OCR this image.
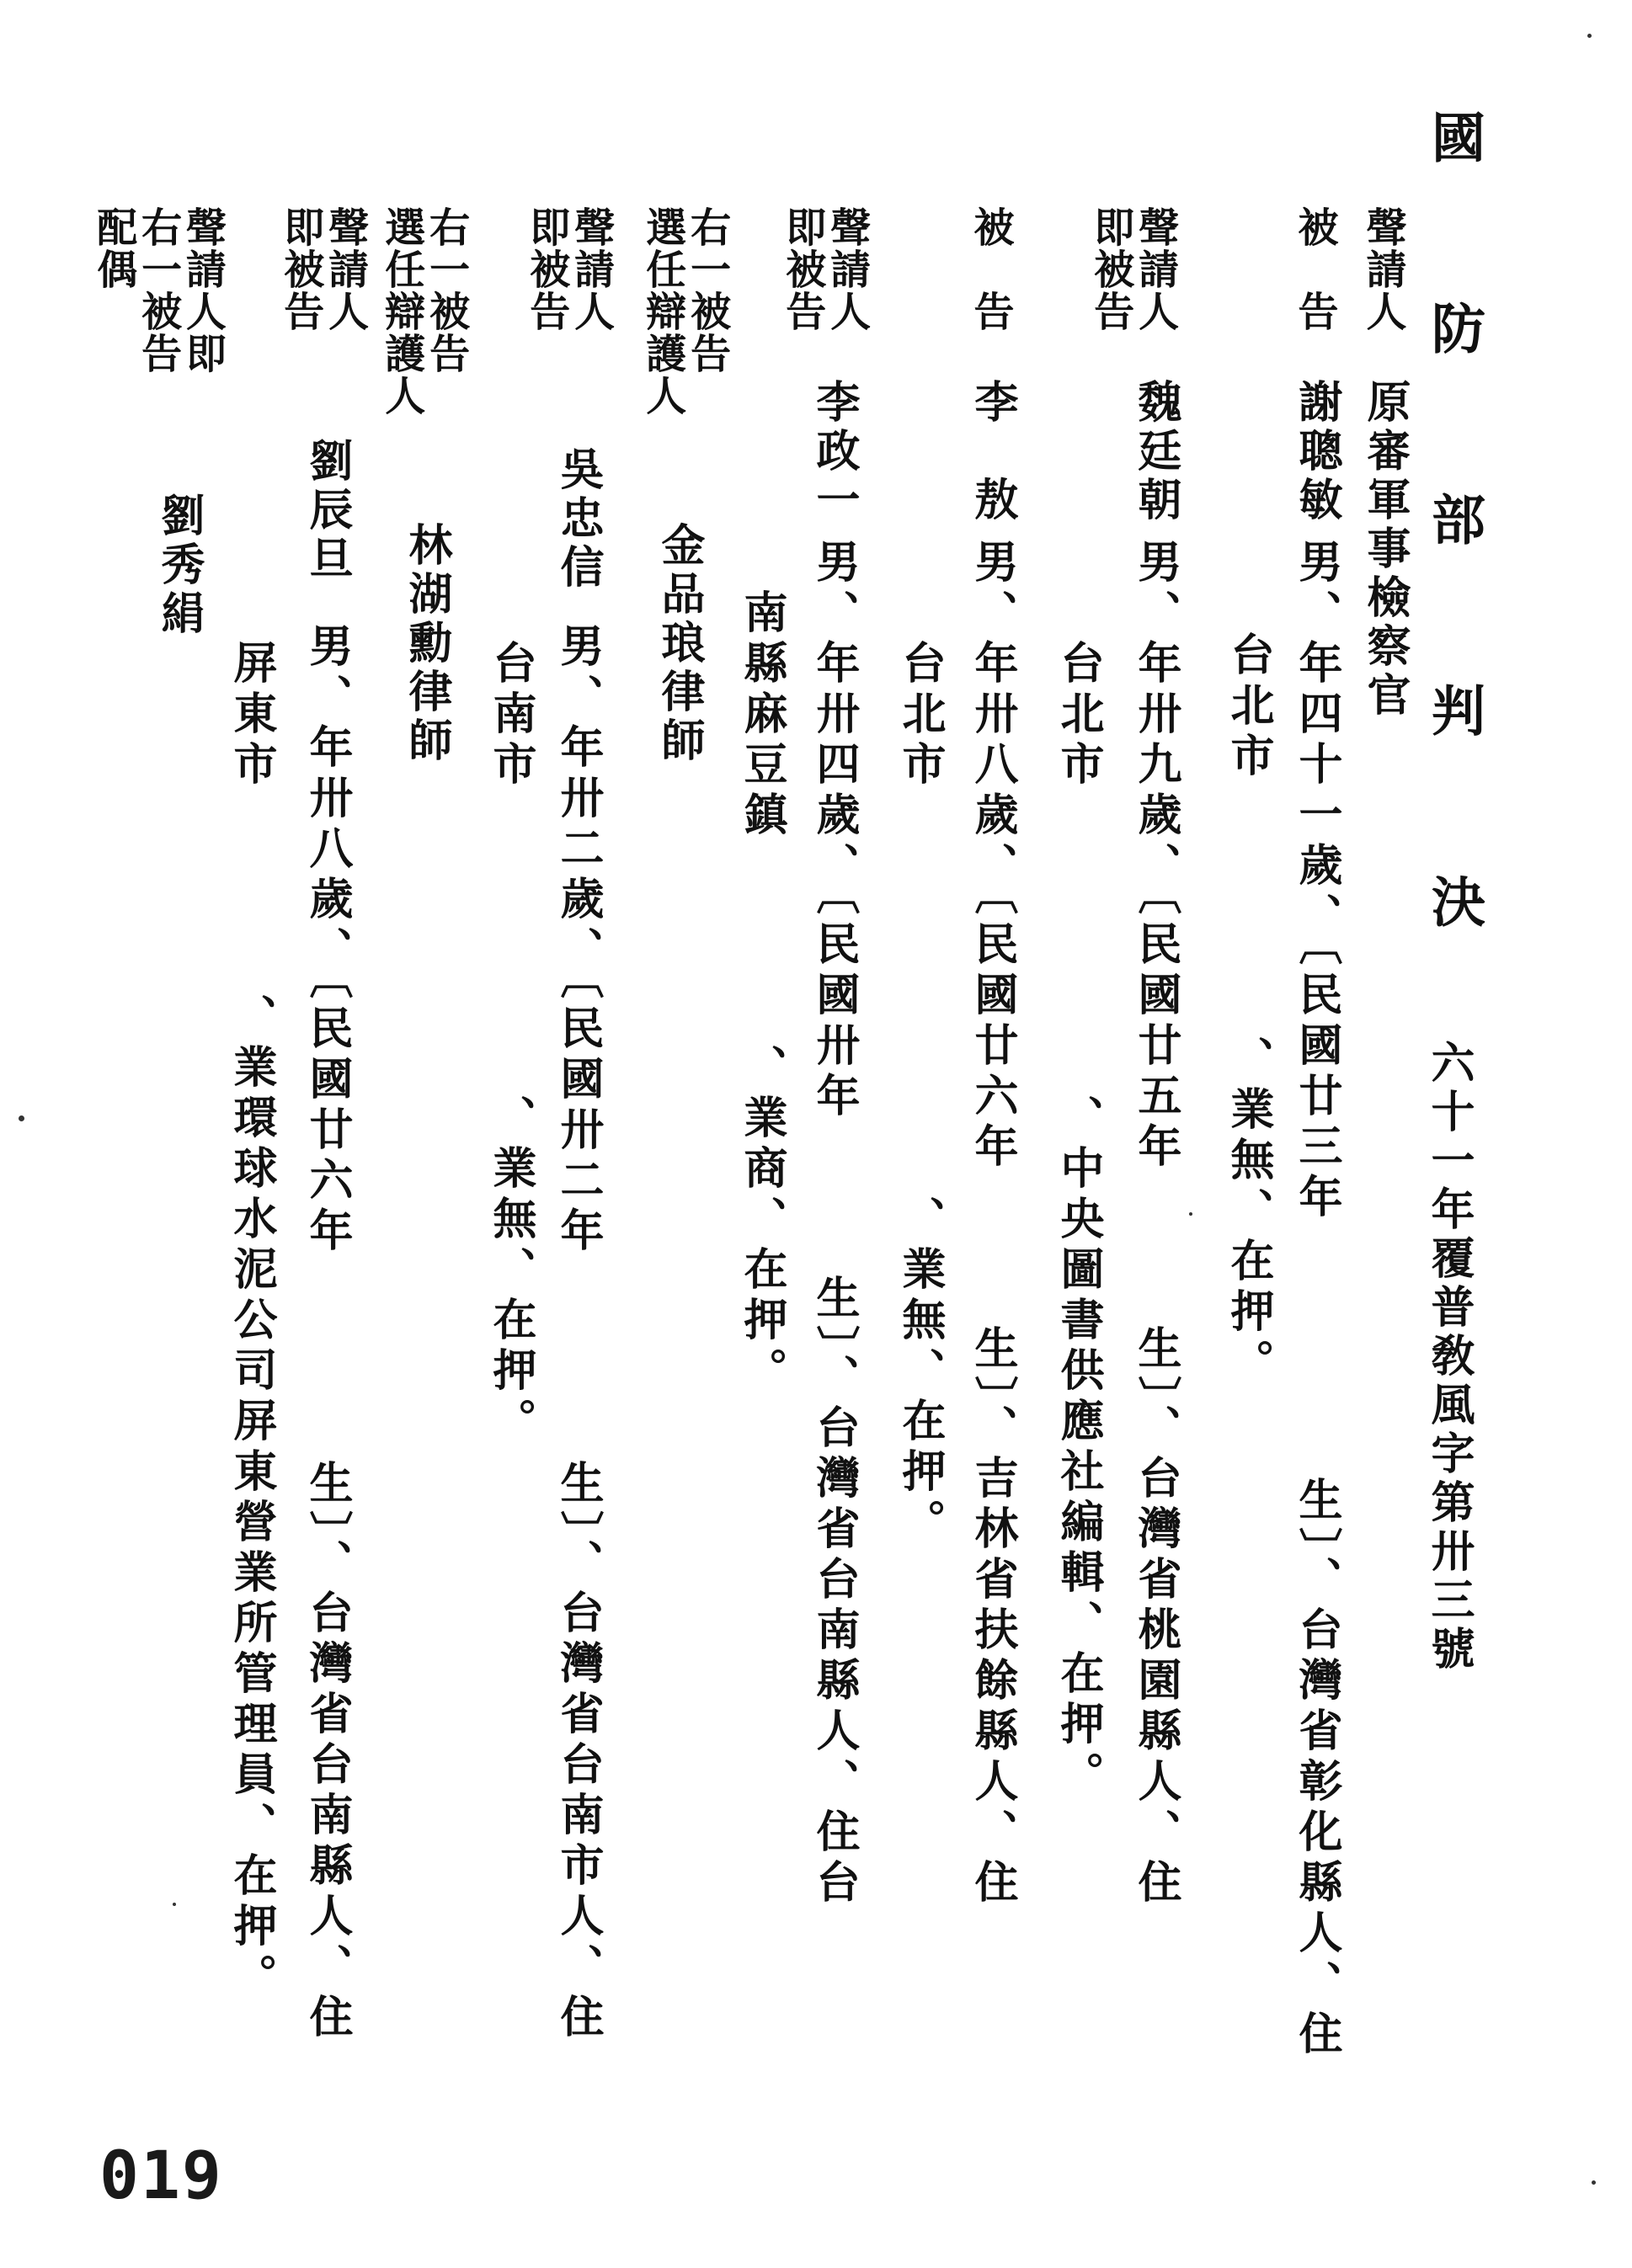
國 防 部 判 決
六十一年覆普敎風字第卅三號
聲請人
原審軍事檢察官
被　告
謝聰敏
男、年四十一歲、〔民國廿三年　　　　　生〕、台灣省彰化縣人、住
　　　　　台北市　　　　　、業無、在押。
聲請人
即被告
魏廷朝
男、年卅九歲、〔民國廿五年　　　生〕、台灣省桃園縣人、住
　　台北市　　　　　　、中央圖書供應社編輯、在押。
被　告
李　敖
男、年卅八歲、〔民國廿六年　　　生〕、吉林省扶餘縣人、住
　　台北市　　　　　　　　、業無、在押。
聲請人
即被告
李政一
男、年卅四歲、〔民國卅年　　　生〕、台灣省台南縣人、住台
　南縣麻豆鎮　　　　、業商、在押。
右一被告
選任辯護人
金品琅律師
聲請人
即被告
吳忠信
男、年卅二歲、〔民國卅二年　　　　生〕、台灣省台南市人、住
　　台南市　　　　　　、業無、在押。
右一被告
選任辯護人
林湖勳律師
聲請人
即被告
劉辰旦
男、年卅八歲、〔民國廿六年　　　　生〕、台灣省台南縣人、住
　　屏東市　　　　、業環球水泥公司屏東營業所管理員、在押。
聲請人即
右一被告
配偶
劉秀絹
019
